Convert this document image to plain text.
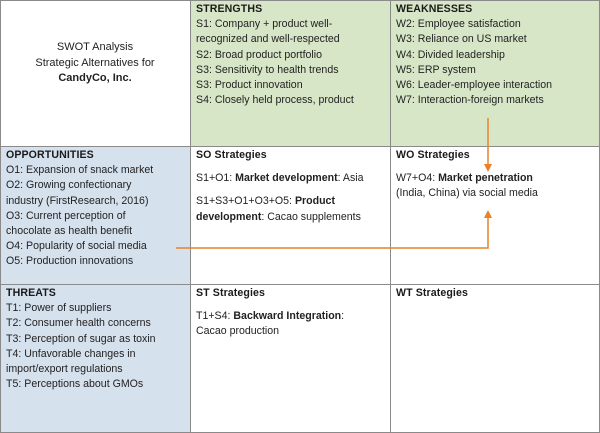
SWOT Analysis
Strategic Alternatives for
CandyCo, Inc.
STRENGTHS
S1: Company + product well-
recognized and well-respected
S2: Broad product portfolio
S3: Sensitivity to health trends
S3: Product innovation
S4: Closely held process, product
WEAKNESSES
W2: Employee satisfaction
W3: Reliance on US market
W4: Divided leadership
W5: ERP system
W6: Leader-employee interaction
W7: Interaction-foreign markets
OPPORTUNITIES
O1: Expansion of snack market
O2: Growing confectionary
industry (FirstResearch, 2016)
O3: Current perception of
chocolate as health benefit
O4: Popularity of social media
O5: Production innovations
SO Strategies
S1+O1: Market development: Asia
S1+S3+O1+O3+O5: Product
development: Cacao supplements
WO Strategies
W7+O4: Market penetration
(India, China) via social media
THREATS
T1: Power of suppliers
T2: Consumer health concerns
T3: Perception of sugar as toxin
T4: Unfavorable changes in
import/export regulations
T5: Perceptions about GMOs
ST Strategies
T1+S4: Backward Integration:
Cacao production
WT Strategies
